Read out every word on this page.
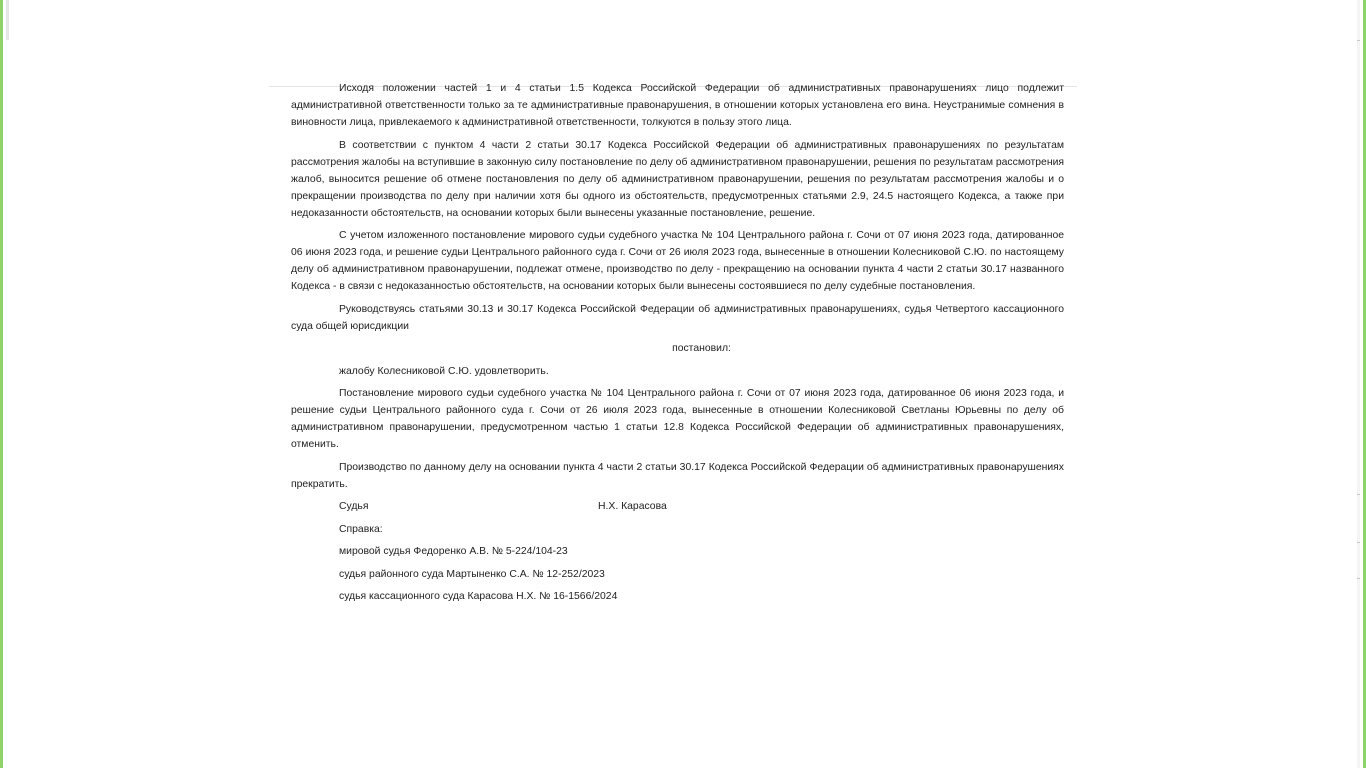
Исходя положении частей 1 и 4 статьи 1.5 Кодекса Российской Федерации об административных правонарушениях лицо подлежит административной ответственности только за те административные правонарушения, в отношении которых установлена его вина. Неустранимые сомнения в виновности лица, привлекаемого к административной ответственности, толкуются в пользу этого лица.

В соответствии с пунктом 4 части 2 статьи 30.17 Кодекса Российской Федерации об административных правонарушениях по результатам рассмотрения жалобы на вступившие в законную силу постановление по делу об административном правонарушении, решения по результатам рассмотрения жалоб, выносится решение об отмене постановления по делу об административном правонарушении, решения по результатам рассмотрения жалобы и о прекращении производства по делу при наличии хотя бы одного из обстоятельств, предусмотренных статьями 2.9, 24.5 настоящего Кодекса, а также при недоказанности обстоятельств, на основании которых были вынесены указанные постановление, решение.

С учетом изложенного постановление мирового судьи судебного участка № 104 Центрального района г. Сочи от 07 июня 2023 года, датированное 06 июня 2023 года, и решение судьи Центрального районного суда г. Сочи от 26 июля 2023 года, вынесенные в отношении Колесниковой С.Ю. по настоящему делу об административном правонарушении, подлежат отмене, производство по делу - прекращению на основании пункта 4 части 2 статьи 30.17 названного Кодекса - в связи с недоказанностью обстоятельств, на основании которых были вынесены состоявшиеся по делу судебные постановления.

Руководствуясь статьями 30.13 и 30.17 Кодекса Российской Федерации об административных правонарушениях, судья Четвертого кассационного суда общей юрисдикции

постановил:

жалобу Колесниковой С.Ю. удовлетворить.

Постановление мирового судьи судебного участка № 104 Центрального района г. Сочи от 07 июня 2023 года, датированное 06 июня 2023 года, и решение судьи Центрального районного суда г. Сочи от 26 июля 2023 года, вынесенные в отношении Колесниковой Светланы Юрьевны по делу об административном правонарушении, предусмотренном частью 1 статьи 12.8 Кодекса Российской Федерации об административных правонарушениях, отменить.

Производство по данному делу на основании пункта 4 части 2 статьи 30.17 Кодекса Российской Федерации об административных правонарушениях прекратить.

Судья	Н.Х. Карасова

Справка:

мировой судья Федоренко А.В. № 5-224/104-23

судья районного суда Мартыненко С.А. № 12-252/2023

судья кассационного суда Карасова Н.Х. № 16-1566/2024
